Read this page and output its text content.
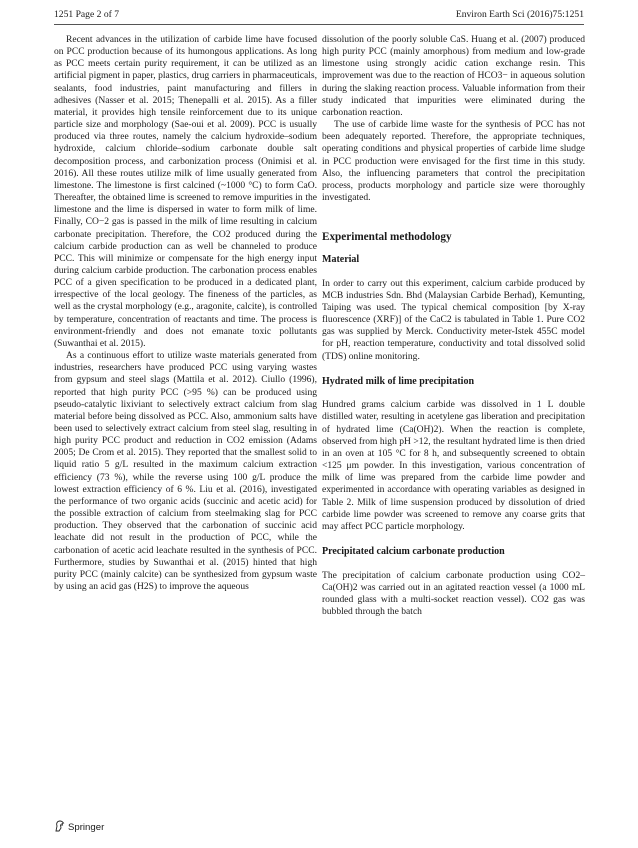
1251 Page 2 of 7	Environ Earth Sci (2016)75:1251

Recent advances in the utilization of carbide lime have focused on PCC production because of its humongous applications. As long as PCC meets certain purity requirement, it can be utilized as an artificial pigment in paper, plastics, drug carriers in pharmaceuticals, sealants, food industries, paint manufacturing and fillers in adhesives (Nasser et al. 2015; Thenepalli et al. 2015). As a filler material, it provides high tensile reinforcement due to its unique particle size and morphology (Sae-oui et al. 2009). PCC is usually produced via three routes, namely the calcium hydroxide–sodium hydroxide, calcium chloride–sodium carbonate double salt decomposition process, and carbonization process (Onimisi et al. 2016). All these routes utilize milk of lime usually generated from limestone. The limestone is first calcined (~1000 °C) to form CaO. Thereafter, the obtained lime is screened to remove impurities in the limestone and the lime is dispersed in water to form milk of lime. Finally, CO−2 gas is passed in the milk of lime resulting in calcium carbonate precipitation. Therefore, the CO2 produced during the calcium carbide production can as well be channeled to produce PCC. This will minimize or compensate for the high energy input during calcium carbide production. The carbonation process enables PCC of a given specification to be produced in a dedicated plant, irrespective of the local geology. The fineness of the particles, as well as the crystal morphology (e.g., aragonite, calcite), is controlled by temperature, concentration of reactants and time. The process is environment-friendly and does not emanate toxic pollutants (Suwanthai et al. 2015).

As a continuous effort to utilize waste materials generated from industries, researchers have produced PCC using varying wastes from gypsum and steel slags (Mattila et al. 2012). Ciullo (1996), reported that high purity PCC (>95 %) can be produced using pseudo-catalytic lixiviant to selectively extract calcium from slag material before being dissolved as PCC. Also, ammonium salts have been used to selectively extract calcium from steel slag, resulting in high purity PCC product and reduction in CO2 emission (Adams 2005; De Crom et al. 2015). They reported that the smallest solid to liquid ratio 5 g/L resulted in the maximum calcium extraction efficiency (73 %), while the reverse using 100 g/L produce the lowest extraction efficiency of 6 %. Liu et al. (2016), investigated the performance of two organic acids (succinic and acetic acid) for the possible extraction of calcium from steelmaking slag for PCC production. They observed that the carbonation of succinic acid leachate did not result in the production of PCC, while the carbonation of acetic acid leachate resulted in the synthesis of PCC. Furthermore, studies by Suwanthai et al. (2015) hinted that high purity PCC (mainly calcite) can be synthesized from gypsum waste by using an acid gas (H2S) to improve the aqueous

dissolution of the poorly soluble CaS. Huang et al. (2007) produced high purity PCC (mainly amorphous) from medium and low-grade limestone using strongly acidic cation exchange resin. This improvement was due to the reaction of HCO3− in aqueous solution during the slaking reaction process. Valuable information from their study indicated that impurities were eliminated during the carbonation reaction.

The use of carbide lime waste for the synthesis of PCC has not been adequately reported. Therefore, the appropriate techniques, operating conditions and physical properties of carbide lime sludge in PCC production were envisaged for the first time in this study. Also, the influencing parameters that control the precipitation process, products morphology and particle size were thoroughly investigated.

Experimental methodology
Material

In order to carry out this experiment, calcium carbide produced by MCB industries Sdn. Bhd (Malaysian Carbide Berhad), Kemunting, Taiping was used. The typical chemical composition [by X-ray fluorescence (XRF)] of the CaC2 is tabulated in Table 1. Pure CO2 gas was supplied by Merck. Conductivity meter-Istek 455C model for pH, reaction temperature, conductivity and total dissolved solid (TDS) online monitoring.

Hydrated milk of lime precipitation

Hundred grams calcium carbide was dissolved in 1 L double distilled water, resulting in acetylene gas liberation and precipitation of hydrated lime (Ca(OH)2). When the reaction is complete, observed from high pH >12, the resultant hydrated lime is then dried in an oven at 105 °C for 8 h, and subsequently screened to obtain <125 μm powder. In this investigation, various concentration of milk of lime was prepared from the carbide lime powder and experimented in accordance with operating variables as designed in Table 2. Milk of lime suspension produced by dissolution of dried carbide lime powder was screened to remove any coarse grits that may affect PCC particle morphology.

Precipitated calcium carbonate production

The precipitation of calcium carbonate production using CO2–Ca(OH)2 was carried out in an agitated reaction vessel (a 1000 mL rounded glass with a multi-socket reaction vessel). CO2 gas was bubbled through the batch

Springer
